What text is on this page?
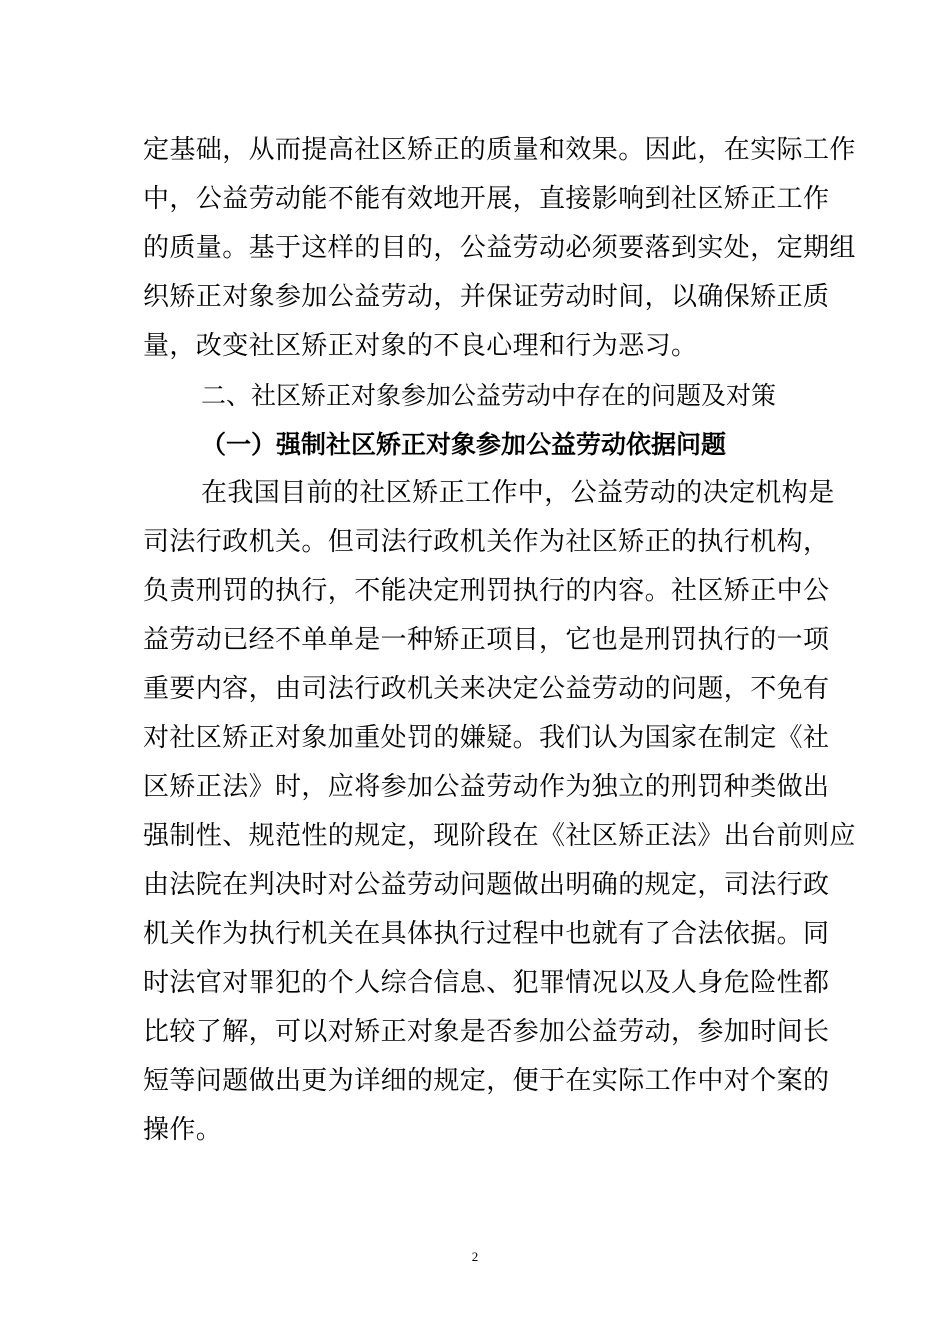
定基础，从而提高社区矫正的质量和效果。因此，在实际工作
中，公益劳动能不能有效地开展，直接影响到社区矫正工作
的质量。基于这样的目的，公益劳动必须要落到实处，定期组
织矫正对象参加公益劳动，并保证劳动时间，以确保矫正质
量，改变社区矫正对象的不良心理和行为恶习。
二、社区矫正对象参加公益劳动中存在的问题及对策
（一）强制社区矫正对象参加公益劳动依据问题
在我国目前的社区矫正工作中，公益劳动的决定机构是
司法行政机关。但司法行政机关作为社区矫正的执行机构，
负责刑罚的执行，不能决定刑罚执行的内容。社区矫正中公
益劳动已经不单单是一种矫正项目，它也是刑罚执行的一项
重要内容，由司法行政机关来决定公益劳动的问题，不免有
对社区矫正对象加重处罚的嫌疑。我们认为国家在制定《社
区矫正法》时，应将参加公益劳动作为独立的刑罚种类做出
强制性、规范性的规定，现阶段在《社区矫正法》出台前则应
由法院在判决时对公益劳动问题做出明确的规定，司法行政
机关作为执行机关在具体执行过程中也就有了合法依据。同
时法官对罪犯的个人综合信息、犯罪情况以及人身危险性都
比较了解，可以对矫正对象是否参加公益劳动，参加时间长
短等问题做出更为详细的规定，便于在实际工作中对个案的
操作。
2
